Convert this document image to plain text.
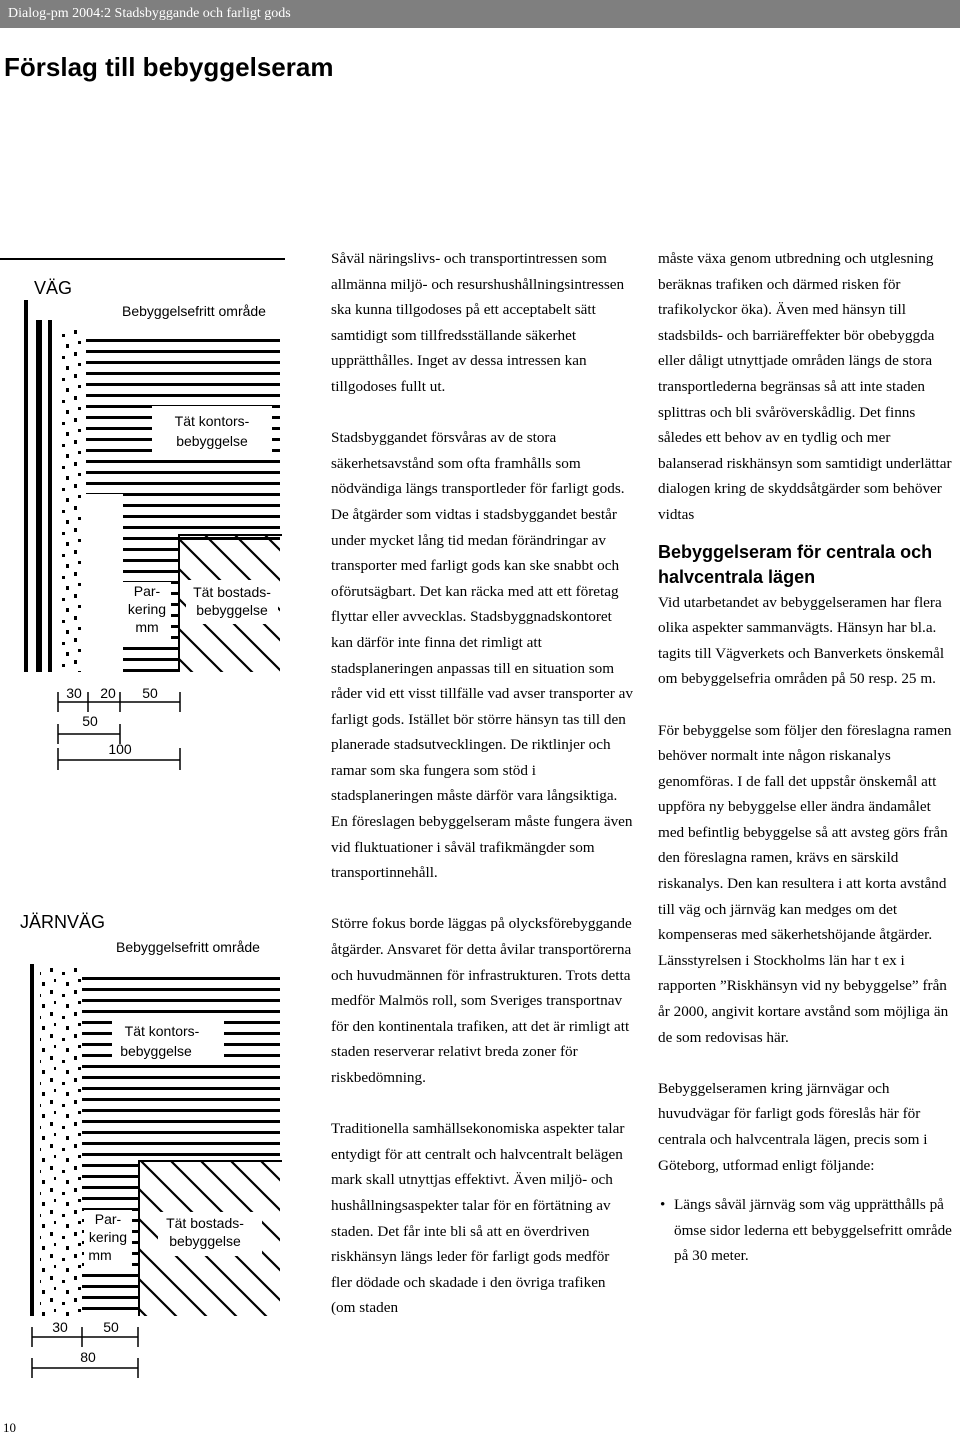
Dialog-pm 2004:2 Stadsbyggande och farligt gods
Förslag till bebyggelseram
VÄG
Bebyggelsefritt område
Tät kontors-
bebyggelse
Par-
kering
mm
Tät bostads-
bebyggelse
30 20 50
50
100
JÄRNVÄG
Bebyggelsefritt område
Tät kontors-
bebyggelse
Par-
kering
mm
Tät bostads-
bebyggelse
30	50
80

Såväl näringslivs- och transportintressen som allmänna miljö- och resurshushållningsintressen ska kunna tillgodoses på ett acceptabelt sätt samtidigt som tillfredsställande säkerhet upprätthålles. Inget av dessa intressen kan tillgodoses fullt ut.

Stadsbyggandet försvåras av de stora säkerhetsavstånd som ofta framhålls som nödvändiga längs transportleder för farligt gods. De åtgärder som vidtas i stadsbyggandet består under mycket lång tid medan förändringar av transporter med farligt gods kan ske snabbt och oförutsägbart. Det kan räcka med att ett företag flyttar eller avvecklas. Stadsbyggnadskontoret kan därför inte finna det rimligt att stadsplaneringen anpassas till en situation som råder vid ett visst tillfälle vad avser transporter av farligt gods. Istället bör större hänsyn tas till den planerade stadsutvecklingen. De riktlinjer och ramar som ska fungera som stöd i stadsplaneringen måste därför vara långsiktiga. En föreslagen bebyggelseram måste fungera även vid fluktuationer i såväl trafikmängder som transportinnehåll.

Större fokus borde läggas på olycksförebyggande åtgärder. Ansvaret för detta åvilar transportörerna och huvudmännen för infrastrukturen. Trots detta medför Malmös roll, som Sveriges transportnav för den kontinentala trafiken, att det är rimligt att staden reserverar relativt breda zoner för riskbedömning.

Traditionella samhällsekonomiska aspekter talar entydigt för att centralt och halvcentralt belägen mark skall utnyttjas effektivt. Även miljö- och hushållningsaspekter talar för en förtätning av staden. Det får inte bli så att en överdriven riskhänsyn längs leder för farligt gods medför fler dödade och skadade i den övriga trafiken (om staden

måste växa genom utbredning och utglesning beräknas trafiken och därmed risken för trafikolyckor öka). Även med hänsyn till stadsbilds- och barriäreffekter bör obebyggda eller dåligt utnyttjade områden längs de stora transportlederna begränsas så att inte staden splittras och bli svåröverskådlig. Det finns således ett behov av en tydlig och mer balanserad riskhänsyn som samtidigt underlättar dialogen kring de skyddsåtgärder som behöver vidtas

Bebyggelseram för centrala och halvcentrala lägen

Vid utarbetandet av bebyggelseramen har flera olika aspekter sammanvägts. Hänsyn har bl.a. tagits till Vägverkets och Banverkets önskemål om bebyggelsefria områden på 50 resp. 25 m.

För bebyggelse som följer den föreslagna ramen behöver normalt inte någon riskanalys genomföras. I de fall det uppstår önskemål att uppföra ny bebyggelse eller ändra ändamålet med befintlig bebyggelse så att avsteg görs från den föreslagna ramen, krävs en särskild riskanalys. Den kan resultera i att korta avstånd till väg och järnväg kan medges om det kompenseras med säkerhetshöjande åtgärder. Länsstyrelsen i Stockholms län har t ex i rapporten ”Riskhänsyn vid ny bebyggelse” från år 2000, angivit kortare avstånd som möjliga än de som redovisas här.

Bebyggelseramen kring järnvägar och huvudvägar för farligt gods föreslås här för centrala och halvcentrala lägen, precis som i Göteborg, utformad enligt följande:

• Längs såväl järnväg som väg upprätthålls på ömse sidor lederna ett bebyggelsefritt område på 30 meter.
10
